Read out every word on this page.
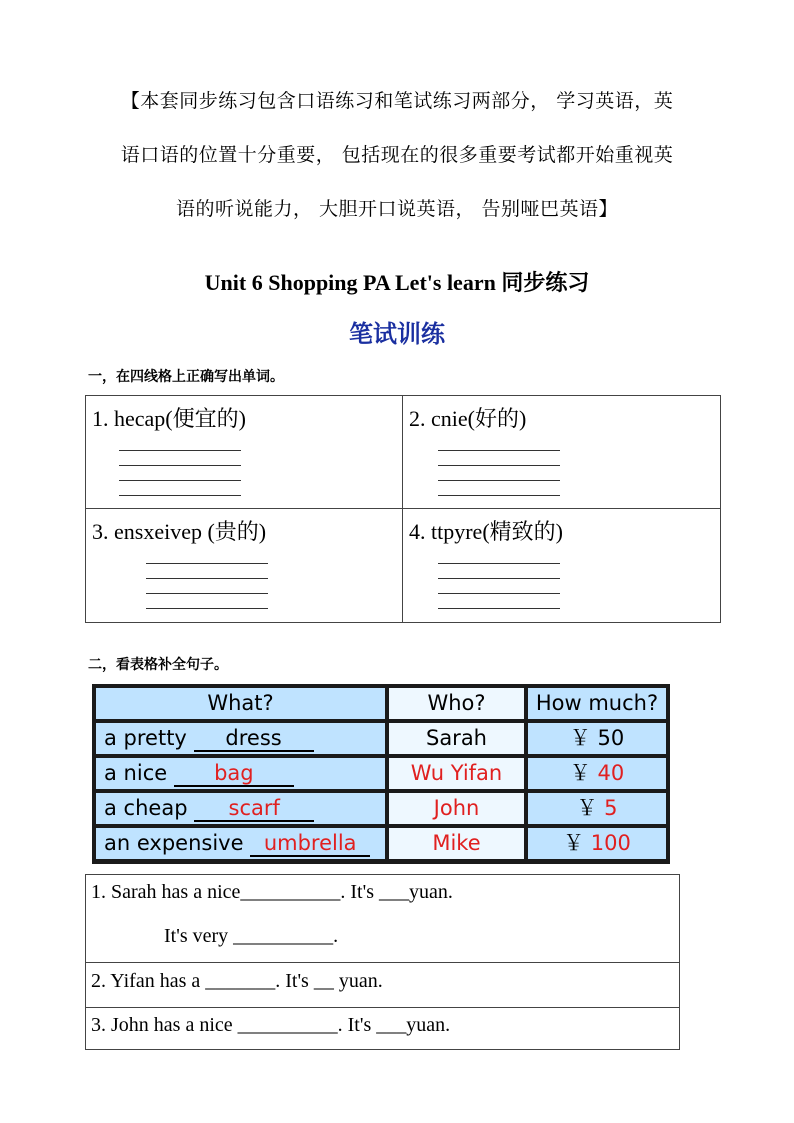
【本套同步练习包含口语练习和笔试练习两部分， 学习英语，英
语口语的位置十分重要， 包括现在的很多重要考试都开始重视英
语的听说能力， 大胆开口说英语， 告别哑巴英语】
Unit 6 Shopping PA Let's learn 同步练习
笔试训练
一，在四线格上正确写出单词。
1. hecap(便宜的)	2. cnie(好的)
3. ensxeivep (贵的)	4. ttpyre(精致的)
二，看表格补全句子。
What?	Who?	How much?
a pretty dress	Sarah	￥ 50
a nice bag	Wu Yifan	￥ 40
a cheap scarf	John	￥ 5
an expensive umbrella	Mike	￥ 100
1. Sarah has a nice__________. It's ___yuan.
It's very __________.
2. Yifan has a _______. It's __ yuan.
3. John has a nice __________. It's ___yuan.
